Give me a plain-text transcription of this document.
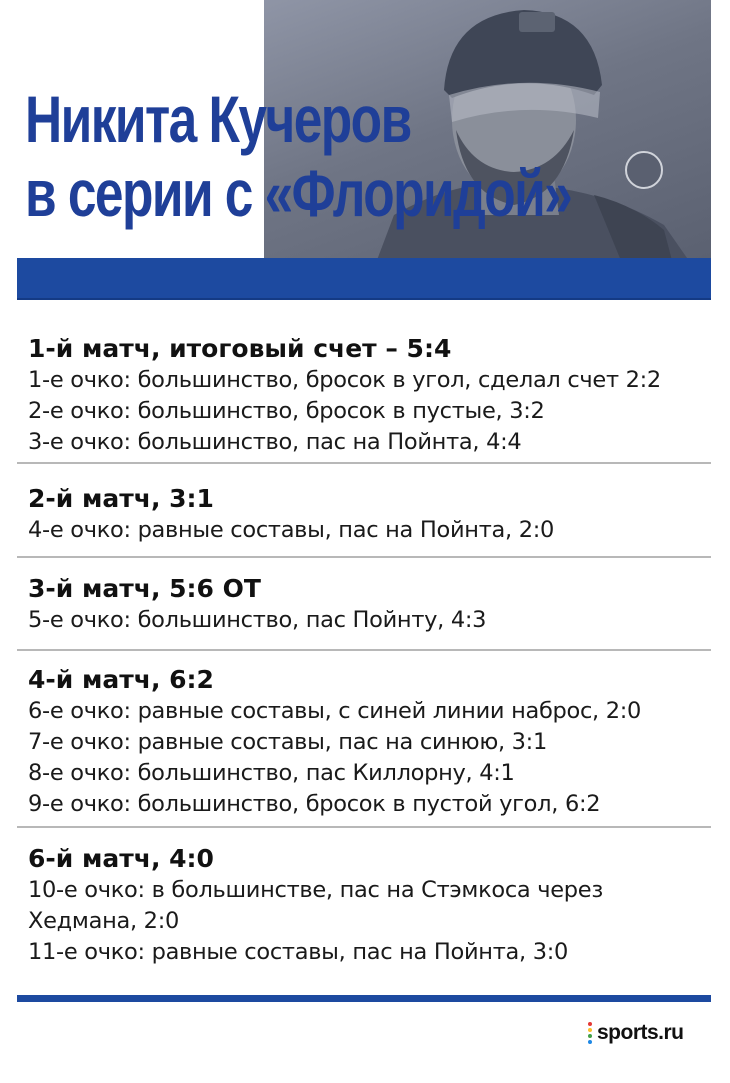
Никита Кучеров
в серии с «Флоридой»
1-й матч, итоговый счет – 5:4
1-е очко: большинство, бросок в угол, сделал счет 2:2
2-е очко: большинство, бросок в пустые, 3:2
3-е очко: большинство, пас на Пойнта, 4:4
2-й матч, 3:1
4-е очко: равные составы, пас на Пойнта, 2:0
3-й матч, 5:6 ОТ
5-е очко: большинство, пас Пойнту, 4:3
4-й матч, 6:2
6-е очко: равные составы, с синей линии наброс, 2:0
7-е очко: равные составы, пас на синюю, 3:1
8-е очко: большинство, пас Киллорну, 4:1
9-е очко: большинство, бросок в пустой угол, 6:2
6-й матч, 4:0
10-е очко: в большинстве, пас на Стэмкоса через
Хедмана, 2:0
11-е очко: равные составы, пас на Пойнта, 3:0
sports.ru
